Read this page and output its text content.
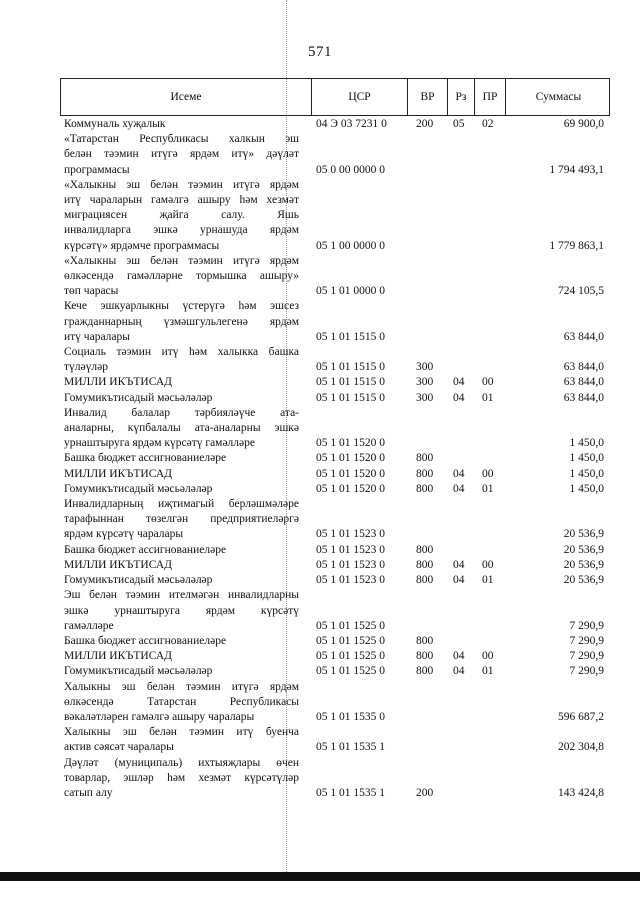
571
Исеме	ЦСР	ВР	Рз	ПР	Суммасы
Коммуналь хуҗалык	04 Э 03 7231 0	200 05 02	69 900,0
«Татарстан Республикасы халкын эш
белән тәэмин итүгә ярдәм итү» дәүләт
программасы	05 0 00 0000 0	1 794 493,1
«Халыкны эш белән тәэмин итүгә ярдәм
итү чараларын гамәлгә ашыру һәм хезмәт
миграциясен җайга салу. Яшь
инвалидларга эшкә урнашуда ярдәм
күрсәтү» ярдәмче программасы	05 1 00 0000 0	1 779 863,1
«Халыкны эш белән тәэмин итүгә ярдәм
өлкәсендә гамәлләрне тормышка ашыру»
төп чарасы	05 1 01 0000 0	724 105,5
Кече эшкуарлыкны үстерүгә һәм эшсез
гражданнарның үзмәшгульлегенә ярдәм
итү чаралары	05 1 01 1515 0	63 844,0
Социаль тәэмин итү һәм халыкка башка
түләүләр	05 1 01 1515 0	300	63 844,0
МИЛЛИ ИКЪТИСАД	05 1 01 1515 0	300 04 00	63 844,0
Гомумикътисадый мәсьәләләр	05 1 01 1515 0	300 04 01	63 844,0
Инвалид балалар тәрбияләүче ата-
аналарны, күпбалалы ата-аналарны эшкә
урнаштыруга ярдәм күрсәтү гамәлләре	05 1 01 1520 0	1 450,0
Башка бюджет ассигнованиеләре	05 1 01 1520 0	800	1 450,0
МИЛЛИ ИКЪТИСАД	05 1 01 1520 0	800 04 00	1 450,0
Гомумикътисадый мәсьәләләр	05 1 01 1520 0	800 04 01	1 450,0
Инвалидларның иҗтимагый берләшмәләре
тарафыннан төзелгән предприятиеләргә
ярдәм күрсәтү чаралары	05 1 01 1523 0	20 536,9
Башка бюджет ассигнованиеләре	05 1 01 1523 0	800	20 536,9
МИЛЛИ ИКЪТИСАД	05 1 01 1523 0	800 04 00	20 536,9
Гомумикътисадый мәсьәләләр	05 1 01 1523 0	800 04 01	20 536,9
Эш белән тәэмин ителмәгән инвалидларны
эшкә урнаштыруга ярдәм күрсәтү
гамәлләре	05 1 01 1525 0	7 290,9
Башка бюджет ассигнованиеләре	05 1 01 1525 0	800	7 290,9
МИЛЛИ ИКЪТИСАД	05 1 01 1525 0	800 04 00	7 290,9
Гомумикътисадый мәсьәләләр	05 1 01 1525 0	800 04 01	7 290,9
Халыкны эш белән тәэмин итүгә ярдәм
өлкәсендә Татарстан Республикасы
вәкаләтләрен гамәлгә ашыру чаралары	05 1 01 1535 0	596 687,2
Халыкны эш белән тәэмин итү буенча
актив сәясәт чаралары	05 1 01 1535 1	202 304,8
Дәүләт (муниципаль) ихтыяҗлары өчен
товарлар, эшләр һәм хезмәт күрсәтүләр
сатып алу	05 1 01 1535 1	200	143 424,8
